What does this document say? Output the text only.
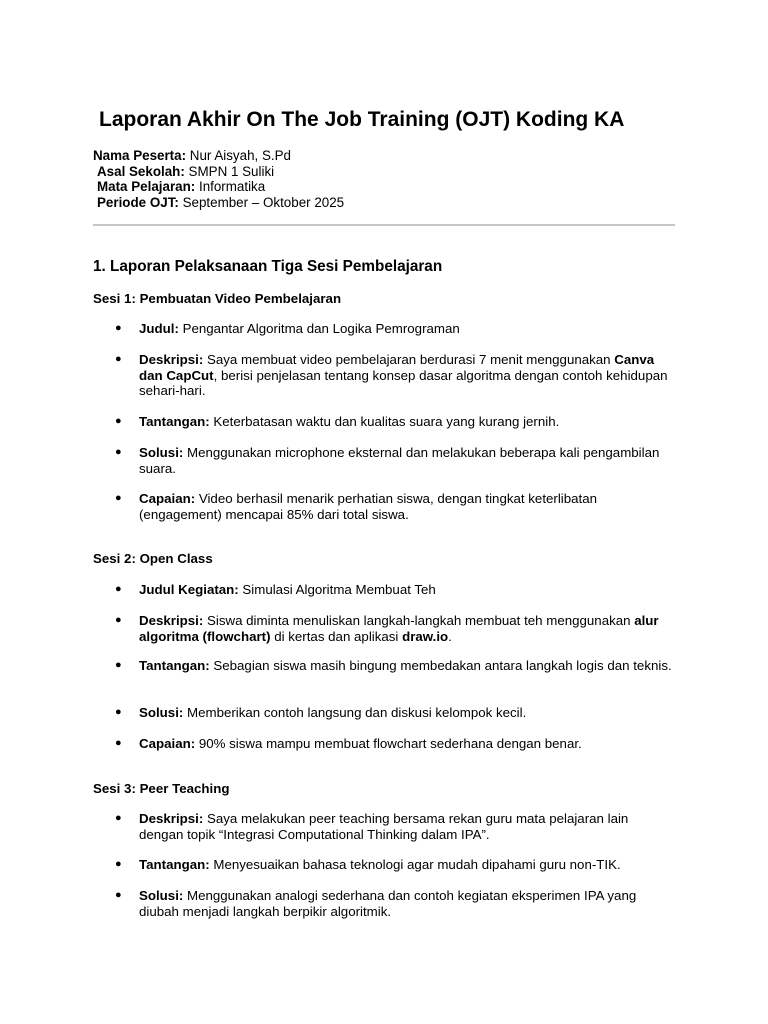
Laporan Akhir On The Job Training (OJT) Koding KA
Nama Peserta: Nur Aisyah, S.Pd
Asal Sekolah: SMPN 1 Suliki
Mata Pelajaran: Informatika
Periode OJT: September – Oktober 2025
1. Laporan Pelaksanaan Tiga Sesi Pembelajaran
Sesi 1: Pembuatan Video Pembelajaran
● Judul: Pengantar Algoritma dan Logika Pemrograman
● Deskripsi: Saya membuat video pembelajaran berdurasi 7 menit menggunakan Canva dan CapCut, berisi penjelasan tentang konsep dasar algoritma dengan contoh kehidupan sehari-hari.
● Tantangan: Keterbatasan waktu dan kualitas suara yang kurang jernih.
● Solusi: Menggunakan microphone eksternal dan melakukan beberapa kali pengambilan suara.
● Capaian: Video berhasil menarik perhatian siswa, dengan tingkat keterlibatan (engagement) mencapai 85% dari total siswa.
Sesi 2: Open Class
● Judul Kegiatan: Simulasi Algoritma Membuat Teh
● Deskripsi: Siswa diminta menuliskan langkah-langkah membuat teh menggunakan alur algoritma (flowchart) di kertas dan aplikasi draw.io.
● Tantangan: Sebagian siswa masih bingung membedakan antara langkah logis dan teknis.
● Solusi: Memberikan contoh langsung dan diskusi kelompok kecil.
● Capaian: 90% siswa mampu membuat flowchart sederhana dengan benar.
Sesi 3: Peer Teaching
● Deskripsi: Saya melakukan peer teaching bersama rekan guru mata pelajaran lain dengan topik “Integrasi Computational Thinking dalam IPA”.
● Tantangan: Menyesuaikan bahasa teknologi agar mudah dipahami guru non-TIK.
● Solusi: Menggunakan analogi sederhana dan contoh kegiatan eksperimen IPA yang diubah menjadi langkah berpikir algoritmik.
